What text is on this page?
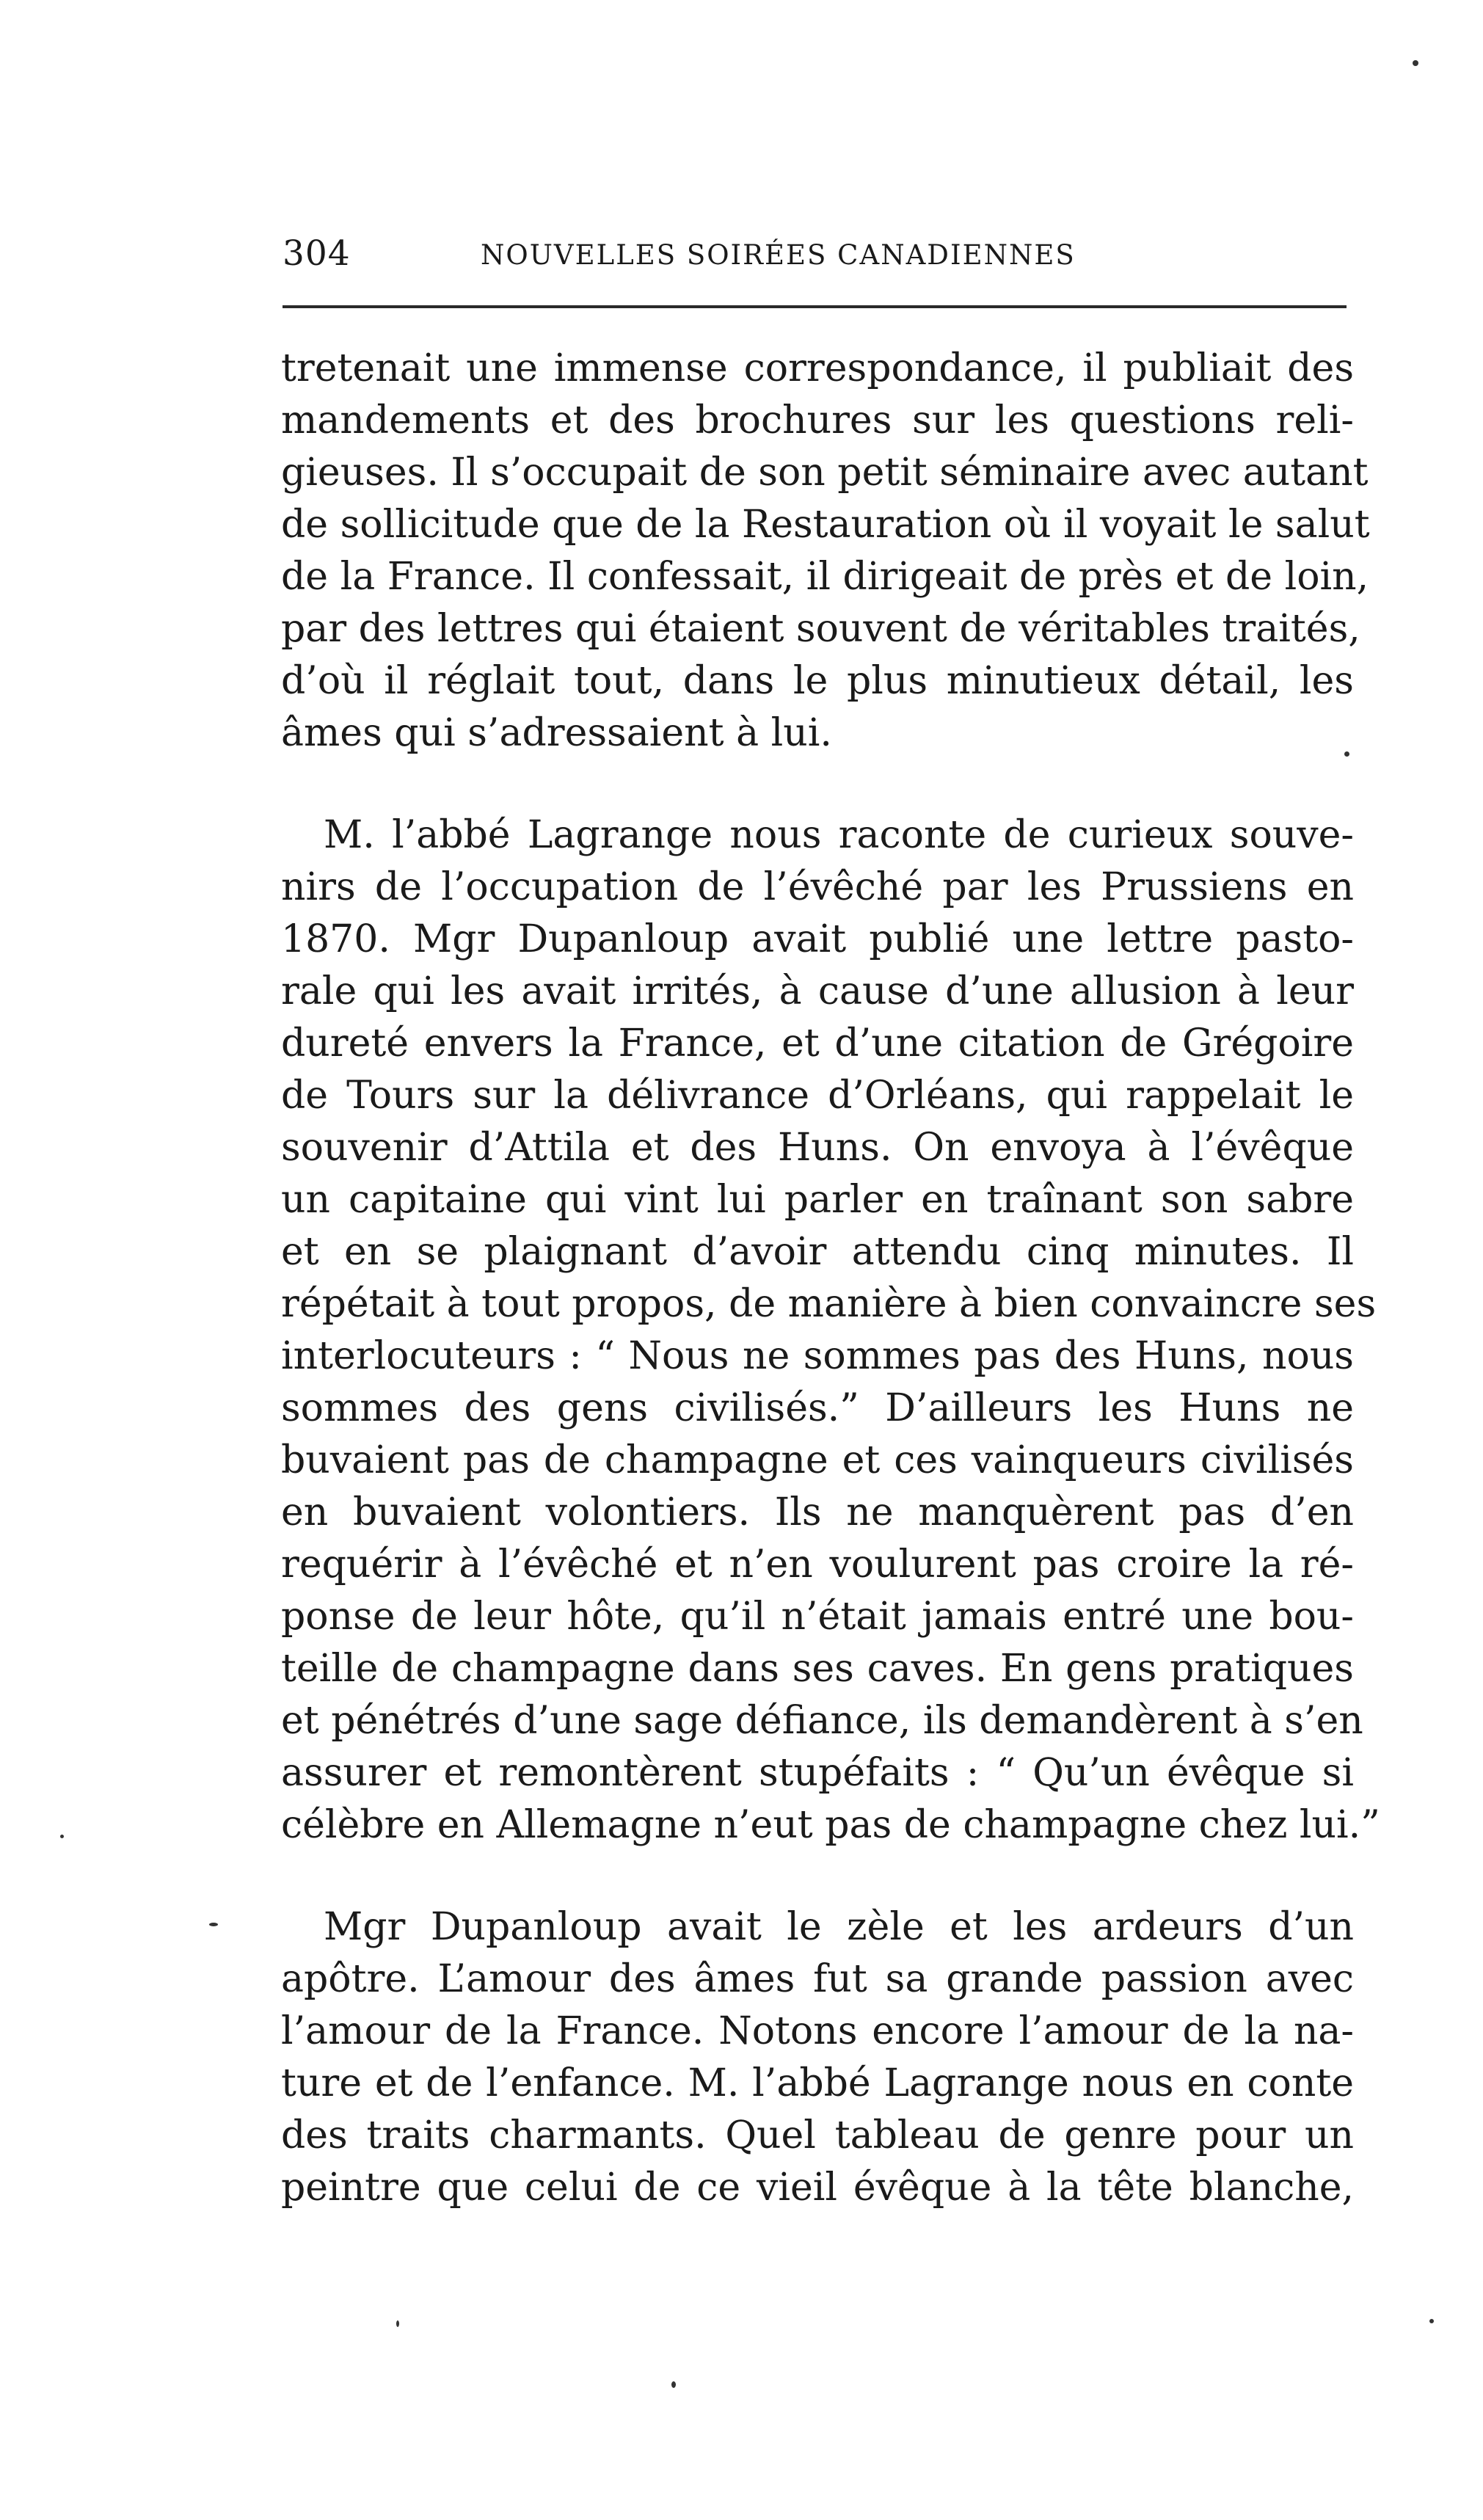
304	NOUVELLES SOIRÉES CANADIENNES

tretenait une immense correspondance, il publiait des
mandements et des brochures sur les questions reli-
gieuses. Il s’occupait de son petit séminaire avec autant
de sollicitude que de la Restauration où il voyait le salut
de la France. Il confessait, il dirigeait de près et de loin,
par des lettres qui étaient souvent de véritables traités,
d’où il réglait tout, dans le plus minutieux détail, les
âmes qui s’adressaient à lui.

M. l’abbé Lagrange nous raconte de curieux souve-
nirs de l’occupation de l’évêché par les Prussiens en
1870. Mgr Dupanloup avait publié une lettre pasto-
rale qui les avait irrités, à cause d’une allusion à leur
dureté envers la France, et d’une citation de Grégoire
de Tours sur la délivrance d’Orléans, qui rappelait le
souvenir d’Attila et des Huns. On envoya à l’évêque
un capitaine qui vint lui parler en traînant son sabre
et en se plaignant d’avoir attendu cinq minutes. Il
répétait à tout propos, de manière à bien convaincre ses
interlocuteurs : “ Nous ne sommes pas des Huns, nous
sommes des gens civilisés.” D’ailleurs les Huns ne
buvaient pas de champagne et ces vainqueurs civilisés
en buvaient volontiers. Ils ne manquèrent pas d’en
requérir à l’évêché et n’en voulurent pas croire la ré-
ponse de leur hôte, qu’il n’était jamais entré une bou-
teille de champagne dans ses caves. En gens pratiques
et pénétrés d’une sage défiance, ils demandèrent à s’en
assurer et remontèrent stupéfaits : “ Qu’un évêque si
célèbre en Allemagne n’eut pas de champagne chez lui.”

Mgr Dupanloup avait le zèle et les ardeurs d’un
apôtre. L’amour des âmes fut sa grande passion avec
l’amour de la France. Notons encore l’amour de la na-
ture et de l’enfance. M. l’abbé Lagrange nous en conte
des traits charmants. Quel tableau de genre pour un
peintre que celui de ce vieil évêque à la tête blanche,
